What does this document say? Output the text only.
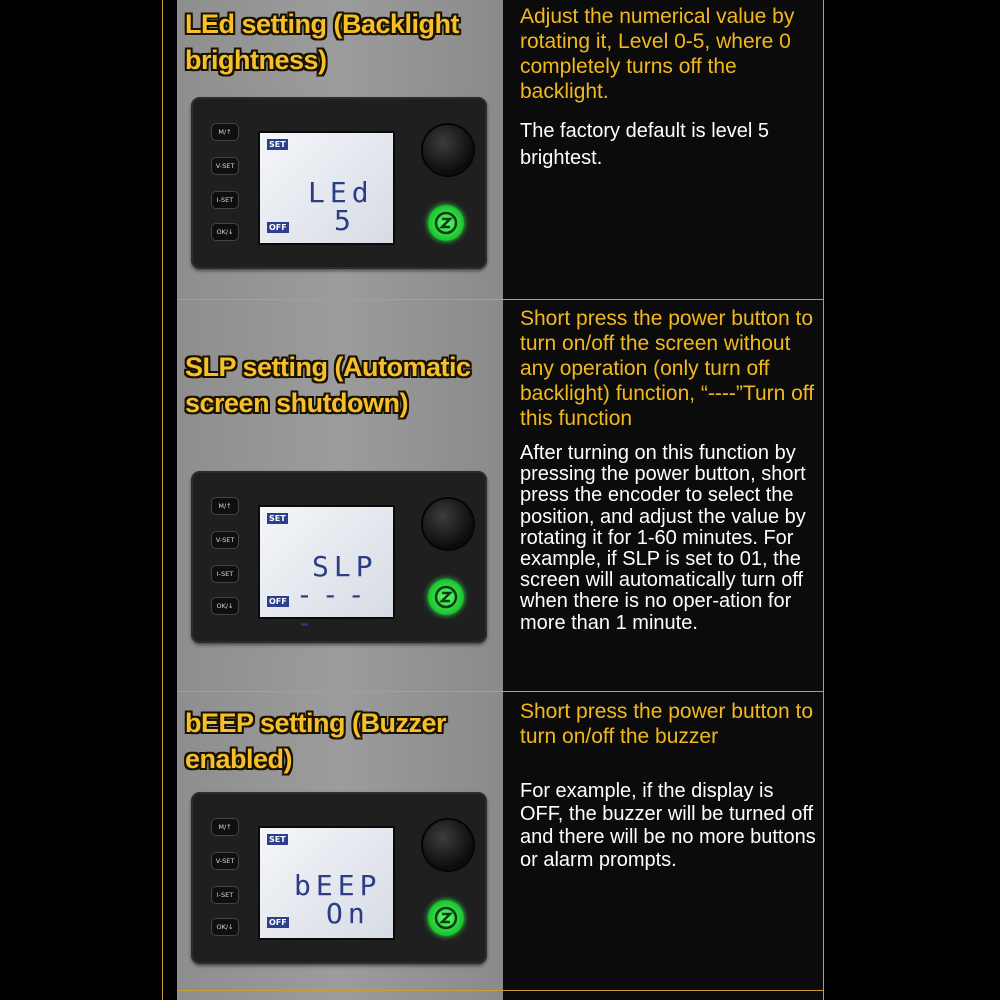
LEd setting (Backlight brightness)
Adjust the numerical value by rotating it, Level 0-5, where 0 completely turns off the backlight.
The factory default is level 5 brightest.
M/↑
V-SET
I-SET
OK/↓
SET
LEd
5
OFF
SLP setting (Automatic screen shutdown)
Short press the power button to turn on/off the screen without any operation (only turn off backlight) function, “----”Turn off this function
After turning on this function by pressing the power button, short press the encoder to select the position, and adjust the value by rotating it for 1-60 minutes. For example, if SLP is set to 01, the screen will automatically turn off when there is no oper-ation for more than 1 minute.
M/↑
V-SET
I-SET
OK/↓
SET
SLP
----
OFF
bEEP setting (Buzzer enabled)
Short press the power button to turn on/off the buzzer
For example, if the display is OFF, the buzzer will be turned off and there will be no more buttons or alarm prompts.
M/↑
V-SET
I-SET
OK/↓
SET
bEEP
On
OFF
